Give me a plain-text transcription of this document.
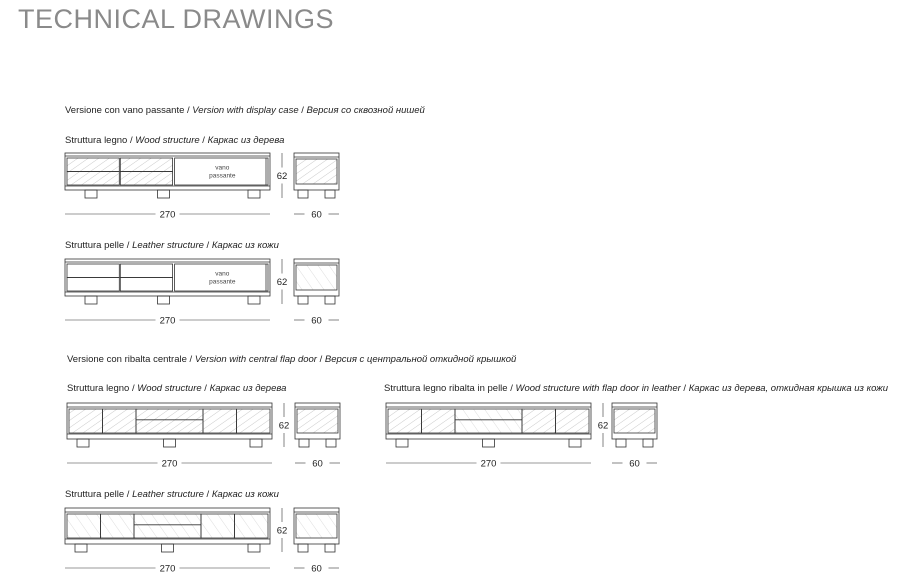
TECHNICAL DRAWINGS
Versione con vano passante / Version with display case / Версия со сквозной нишей
Versione con ribalta centrale / Version with central flap door / Версия с центральной откидной крышкой
Struttura legno / Wood structure / Каркас из дерева
Struttura pelle / Leather structure / Каркас из кожи
Struttura legno / Wood structure / Каркас из дерева	Struttura legno ribalta in pelle / Wood structure with flap door in leather / Каркас из дерева, откидная крышка из кожи
Struttura pelle / Leather structure / Каркас из кожи
vano
passante	62
270	60
vano
passante	62
270	60
62
270	60
62
270	60
62
270	60
